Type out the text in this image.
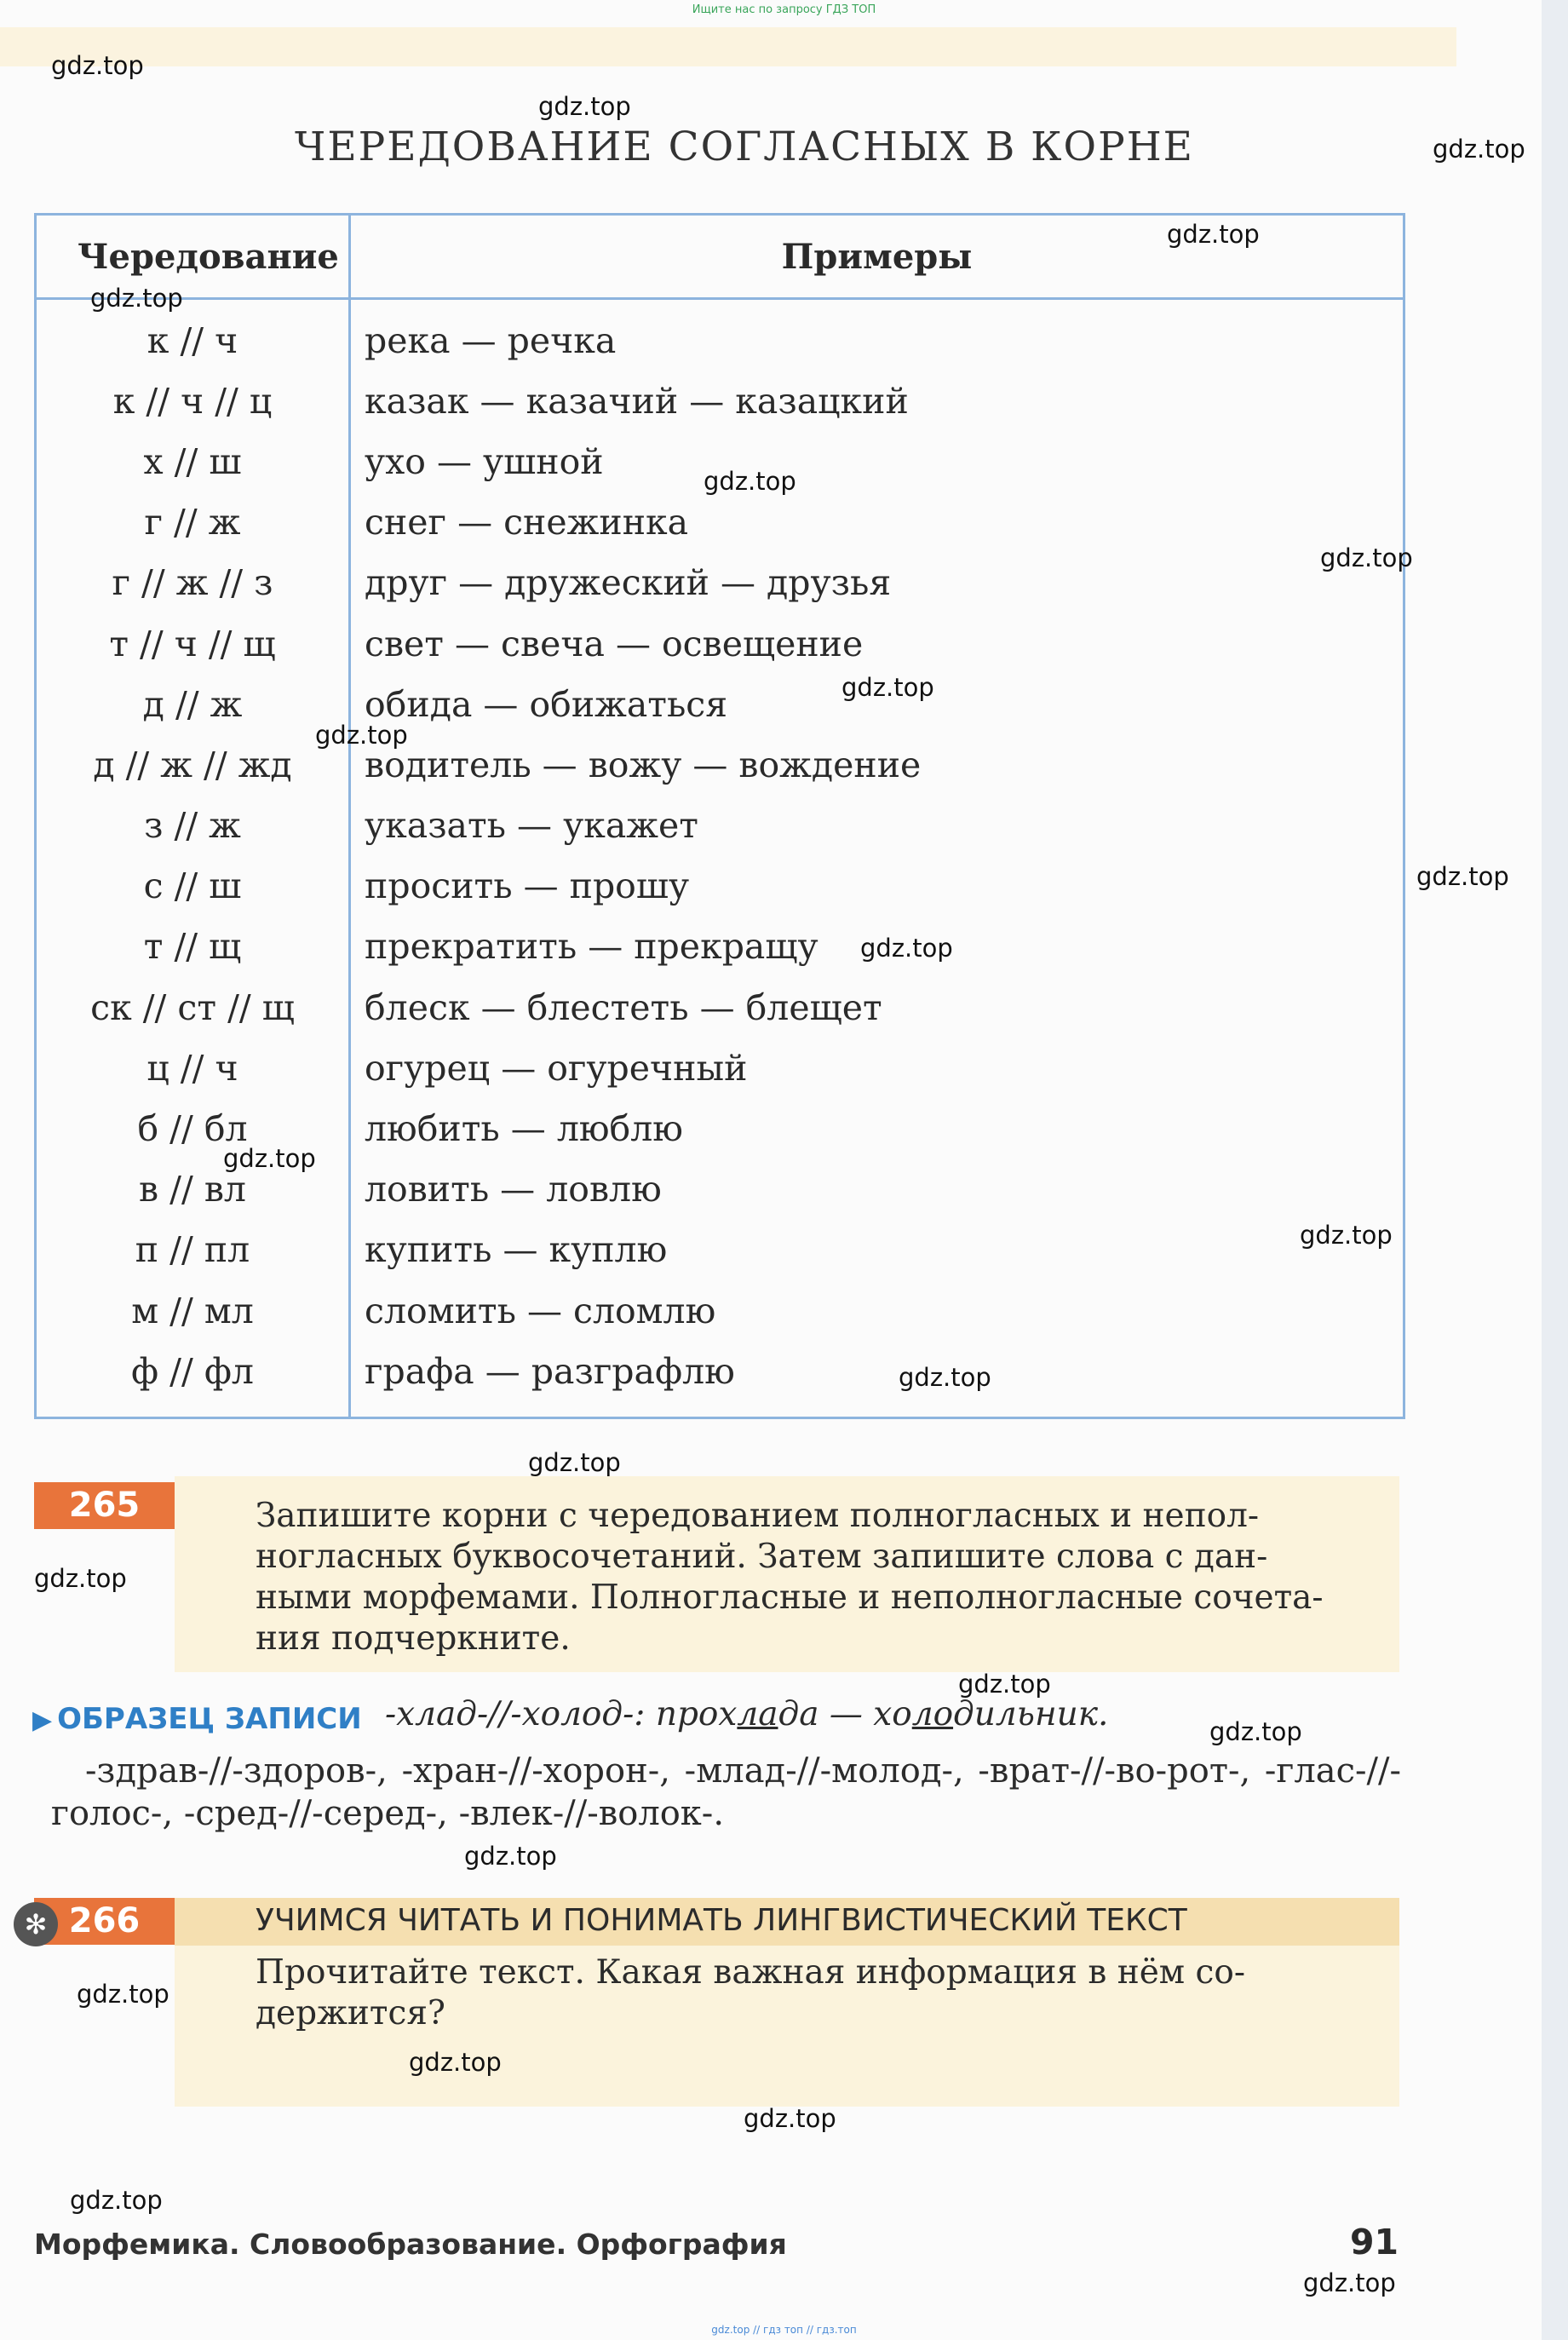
Ищите нас по запросу ГДЗ ТОП
ЧЕРЕДОВАНИЕ СОГЛАСНЫХ В КОРНЕ
Чередование	Примеры
к // ч	река — речка
к // ч // ц	казак — казачий — казацкий
х // ш	ухо — ушной
г // ж	снег — снежинка
г // ж // з	друг — дружеский — друзья
т // ч // щ	свет — свеча — освещение
д // ж	обида — обижаться
д // ж // жд	водитель — вожу — вождение
з // ж	указать — укажет
с // ш	просить — прошу
т // щ	прекратить — прекращу
ск // ст // щ	блеск — блестеть — блещет
ц // ч	огурец — огуречный
б // бл	любить — люблю
в // вл	ловить — ловлю
п // пл	купить — куплю
м // мл	сломить — сломлю
ф // фл	графа — разграфлю
265	Запишите корни с чередованием полногласных и непол-
ногласных буквосочетаний. Затем запишите слова с дан-
ными морфемами. Полногласные и неполногласные сочета-
ния подчеркните.
▶ ОБРАЗЕЦ ЗАПИСИ -хлад-//-холод-: прохлада — холодильник.
-здрав-//-здоров-, -хран-//-хорон-, -млад-//-молод-, -врат-//-во-рот-, -глас-//-голос-, -сред-//-серед-, -влек-//-волок-.
266
✻	УЧИМСЯ ЧИТАТЬ И ПОНИМАТЬ ЛИНГВИСТИЧЕСКИЙ ТЕКСТ
Прочитайте текст. Какая важная информация в нём со-
держится?
Морфемика. Словообразование. Орфография	91
gdz.top // гдз топ // гдз.топ
gdz.top
gdz.top
gdz.top
gdz.top
gdz.top
gdz.top
gdz.top
gdz.top
gdz.top
gdz.top
gdz.top
gdz.top
gdz.top
gdz.top
gdz.top
gdz.top
gdz.top
gdz.top
gdz.top
gdz.top
gdz.top
gdz.top
gdz.top
gdz.top
